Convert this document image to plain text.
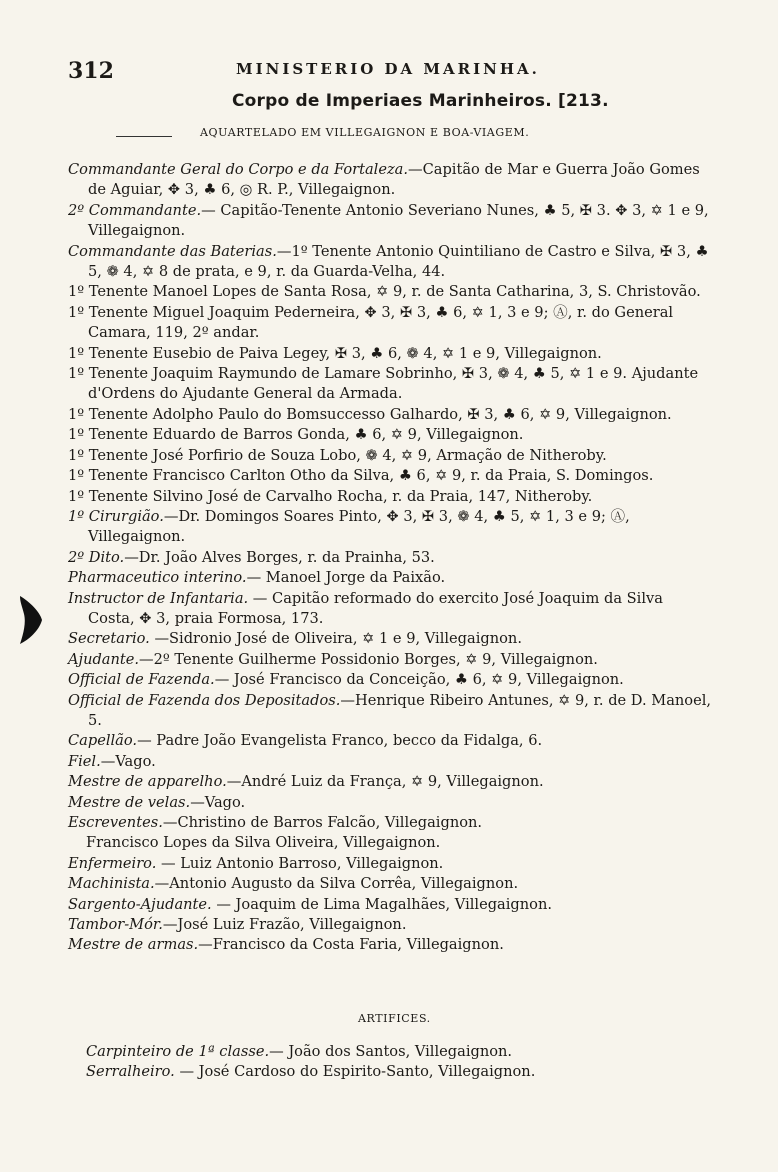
312	MINISTERIO DA MARINHA.
Corpo de Imperiaes Marinheiros. [213.
AQUARTELADO EM VILLEGAIGNON E BOA-VIAGEM.
Commandante Geral do Corpo e da Fortaleza.—Capitão de Mar e Guerra João Gomes de Aguiar, ✥ 3, ♣ 6, ◎ R. P., Villegaignon.
2º Commandante.— Capitão-Tenente Antonio Severiano Nunes, ♣ 5, ✠ 3. ✥ 3, ✡ 1 e 9, Villegaignon.
Commandante das Baterias.—1º Tenente Antonio Quintiliano de Castro e Silva, ✠ 3, ♣ 5, ❁ 4, ✡ 8 de prata, e 9, r. da Guarda-Velha, 44.
1º Tenente Manoel Lopes de Santa Rosa, ✡ 9, r. de Santa Catharina, 3, S. Christovão.
1º Tenente Miguel Joaquim Pederneira, ✥ 3, ✠ 3, ♣ 6, ✡ 1, 3 e 9; Ⓐ, r. do General Camara, 119, 2º andar.
1º Tenente Eusebio de Paiva Legey, ✠ 3, ♣ 6, ❁ 4, ✡ 1 e 9, Villegaignon.
1º Tenente Joaquim Raymundo de Lamare Sobrinho, ✠ 3, ❁ 4, ♣ 5, ✡ 1 e 9. Ajudante d'Ordens do Ajudante General da Armada.
1º Tenente Adolpho Paulo do Bomsuccesso Galhardo, ✠ 3, ♣ 6, ✡ 9, Villegaignon.
1º Tenente Eduardo de Barros Gonda, ♣ 6, ✡ 9, Villegaignon.
1º Tenente José Porfirio de Souza Lobo, ❁ 4, ✡ 9, Armação de Nitheroby.
1º Tenente Francisco Carlton Otho da Silva, ♣ 6, ✡ 9, r. da Praia, S. Domingos.
1º Tenente Silvino José de Carvalho Rocha, r. da Praia, 147, Nitheroby.
1º Cirurgião.—Dr. Domingos Soares Pinto, ✥ 3, ✠ 3, ❁ 4, ♣ 5, ✡ 1, 3 e 9; Ⓐ, Villegaignon.
2º Dito.—Dr. João Alves Borges, r. da Prainha, 53.
Pharmaceutico interino.— Manoel Jorge da Paixão.
Instructor de Infantaria. — Capitão reformado do exercito José Joaquim da Silva Costa, ✥ 3, praia Formosa, 173.
Secretario. —Sidronio José de Oliveira, ✡ 1 e 9, Villegaignon.
Ajudante.—2º Tenente Guilherme Possidonio Borges, ✡ 9, Villegaignon.
Official de Fazenda.— José Francisco da Conceição, ♣ 6, ✡ 9, Villegaignon.
Official de Fazenda dos Depositados.—Henrique Ribeiro Antunes, ✡ 9, r. de D. Manoel, 5.
Capellão.— Padre João Evangelista Franco, becco da Fidalga, 6.
Fiel.—Vago.
Mestre de apparelho.—André Luiz da França, ✡ 9, Villegaignon.
Mestre de velas.—Vago.
Escreventes.—Christino de Barros Falcão, Villegaignon.
Francisco Lopes da Silva Oliveira, Villegaignon.
Enfermeiro. — Luiz Antonio Barroso, Villegaignon.
Machinista.—Antonio Augusto da Silva Corrêa, Villegaignon.
Sargento-Ajudante. — Joaquim de Lima Magalhães, Villegaignon.
Tambor-Mór.—José Luiz Frazão, Villegaignon.
Mestre de armas.—Francisco da Costa Faria, Villegaignon.
ARTIFICES.
Carpinteiro de 1ª classe.— João dos Santos, Villegaignon.
Serralheiro. — José Cardoso do Espirito-Santo, Villegaignon.
